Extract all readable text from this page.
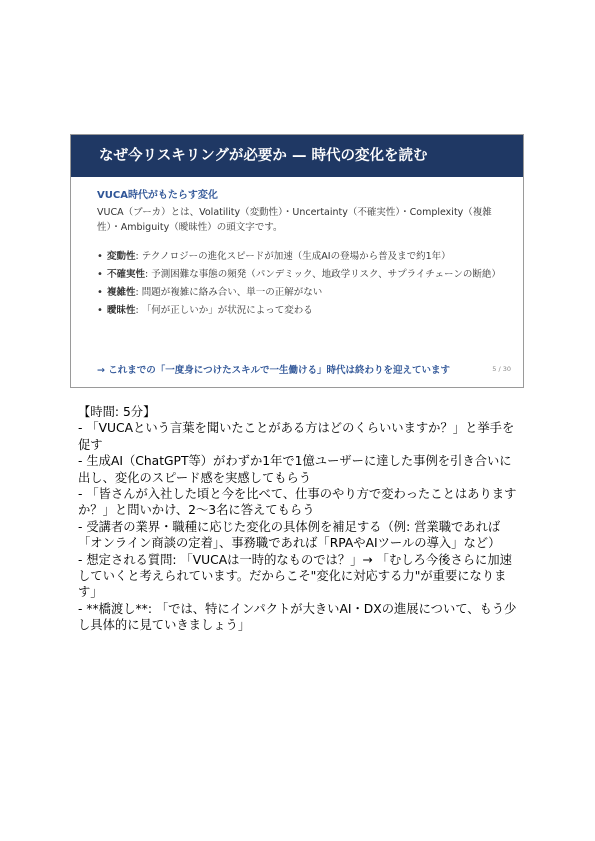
なぜ今リスキリングが必要か — 時代の変化を読む
VUCA時代がもたらす変化
VUCA（ブーカ）とは、Volatility（変動性）・Uncertainty（不確実性）・Complexity（複雑性）・Ambiguity（曖昧性）の頭文字です。
• 変動性: テクノロジーの進化スピードが加速（生成AIの登場から普及まで約1年）
• 不確実性: 予測困難な事態の頻発（パンデミック、地政学リスク、サプライチェーンの断絶）
• 複雑性: 問題が複雑に絡み合い、単一の正解がない
• 曖昧性: 「何が正しいか」が状況によって変わる
→ これまでの「一度身につけたスキルで一生働ける」時代は終わりを迎えています	5 / 30
【時間: 5分】
- 「VUCAという言葉を聞いたことがある方はどのくらいいますか？」と挙手を促す
- 生成AI（ChatGPT等）がわずか1年で1億ユーザーに達した事例を引き合いに出し、変化のスピード感を実感してもらう
- 「皆さんが入社した頃と今を比べて、仕事のやり方で変わったことはありますか？」と問いかけ、2〜3名に答えてもらう
- 受講者の業界・職種に応じた変化の具体例を補足する（例: 営業職であれば「オンライン商談の定着」、事務職であれば「RPAやAIツールの導入」など）
- 想定される質問: 「VUCAは一時的なものでは？」→ 「むしろ今後さらに加速していくと考えられています。だからこそ"変化に対応する力"が重要になります」
- **橋渡し**: 「では、特にインパクトが大きいAI・DXの進展について、もう少し具体的に見ていきましょう」
